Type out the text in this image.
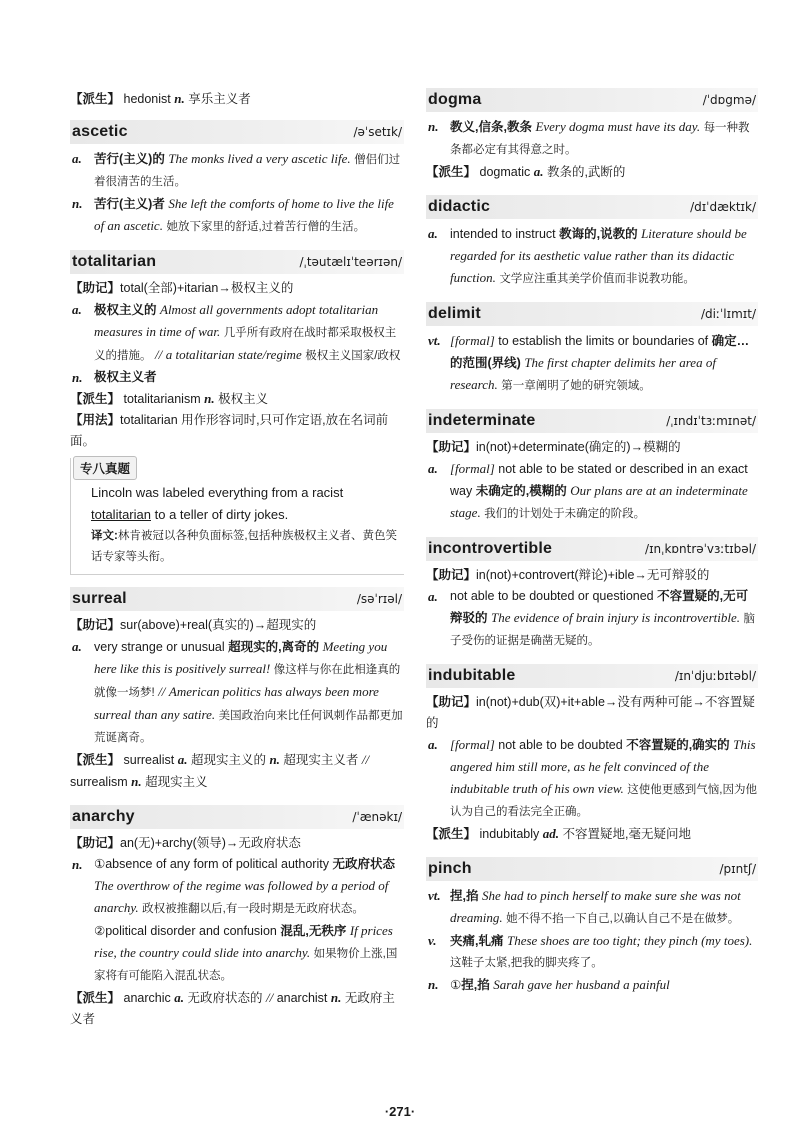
【派生】 hedonist n. 享乐主义者

ascetic	/əˈsetɪk/

a. 苦行(主义)的 The monks lived a very ascetic life. 僧侣们过着很清苦的生活。

n. 苦行(主义)者 She left the comforts of home to live the life of an ascetic. 她放下家里的舒适,过着苦行僧的生活。

totalitarian	/ˌtəutælɪˈteərɪən/

【助记】total(全部)+itarian→极权主义的

a. 极权主义的 Almost all governments adopt totalitarian measures in time of war. 几乎所有政府在战时都采取极权主义的措施。 // a totalitarian state/regime 极权主义国家/政权

n. 极权主义者

【派生】 totalitarianism n. 极权主义

【用法】totalitarian 用作形容词时,只可作定语,放在名词前面。

专八真题

Lincoln was labeled everything from a racist totalitarian to a teller of dirty jokes.

译文:林肯被冠以各种负面标签,包括种族极权主义者、黄色笑话专家等头衔。

surreal	/səˈrɪəl/

【助记】sur(above)+real(真实的)→超现实的

a. very strange or unusual 超现实的,离奇的 Meeting you here like this is positively surreal! 像这样与你在此相逢真的就像一场梦! // American politics has always been more surreal than any satire. 美国政治向来比任何讽刺作品都更加荒诞离奇。

【派生】 surrealist a. 超现实主义的 n. 超现实主义者 // surrealism n. 超现实主义

anarchy	/ˈænəkɪ/

【助记】an(无)+archy(领导)→无政府状态

n. ①absence of any form of political authority 无政府状态 The overthrow of the regime was followed by a period of anarchy. 政权被推翻以后,有一段时期是无政府状态。
②political disorder and confusion 混乱,无秩序 If prices rise, the country could slide into anarchy. 如果物价上涨,国家将有可能陷入混乱状态。

【派生】 anarchic a. 无政府状态的 // anarchist n. 无政府主义者

dogma	/ˈdɒgmə/

n. 教义,信条,教条 Every dogma must have its day. 每一种教条都必定有其得意之时。

【派生】 dogmatic a. 教条的,武断的

didactic	/dɪˈdæktɪk/

a. intended to instruct 教诲的,说教的 Literature should be regarded for its aesthetic value rather than its didactic function. 文学应注重其美学价值而非说教功能。

delimit	/diːˈlɪmɪt/

vt. [formal] to establish the limits or boundaries of 确定…的范围(界线) The first chapter delimits her area of research. 第一章阐明了她的研究领域。

indeterminate	/ˌɪndɪˈtɜːmɪnət/

【助记】in(not)+determinate(确定的)→模糊的

a. [formal] not able to be stated or described in an exact way 未确定的,模糊的 Our plans are at an indeterminate stage. 我们的计划处于未确定的阶段。

incontrovertible	/ɪnˌkɒntrəˈvɜːtɪbəl/

【助记】in(not)+controvert(辩论)+ible→无可辩驳的

a. not able to be doubted or questioned 不容置疑的,无可辩驳的 The evidence of brain injury is incontrovertible. 脑子受伤的证据是确凿无疑的。

indubitable	/ɪnˈdjuːbɪtəbl/

【助记】in(not)+dub(双)+it+able→没有两种可能→不容置疑的

a. [formal] not able to be doubted 不容置疑的,确实的 This angered him still more, as he felt convinced of the indubitable truth of his own view. 这使他更感到气恼,因为他认为自己的看法完全正确。

【派生】 indubitably ad. 不容置疑地,毫无疑问地

pinch	/pɪntʃ/

vt. 捏,掐 She had to pinch herself to make sure she was not dreaming. 她不得不掐一下自己,以确认自己不是在做梦。

v. 夹痛,轧痛 These shoes are too tight; they pinch (my toes). 这鞋子太紧,把我的脚夹疼了。

n. ①捏,掐 Sarah gave her husband a painful

·271·
